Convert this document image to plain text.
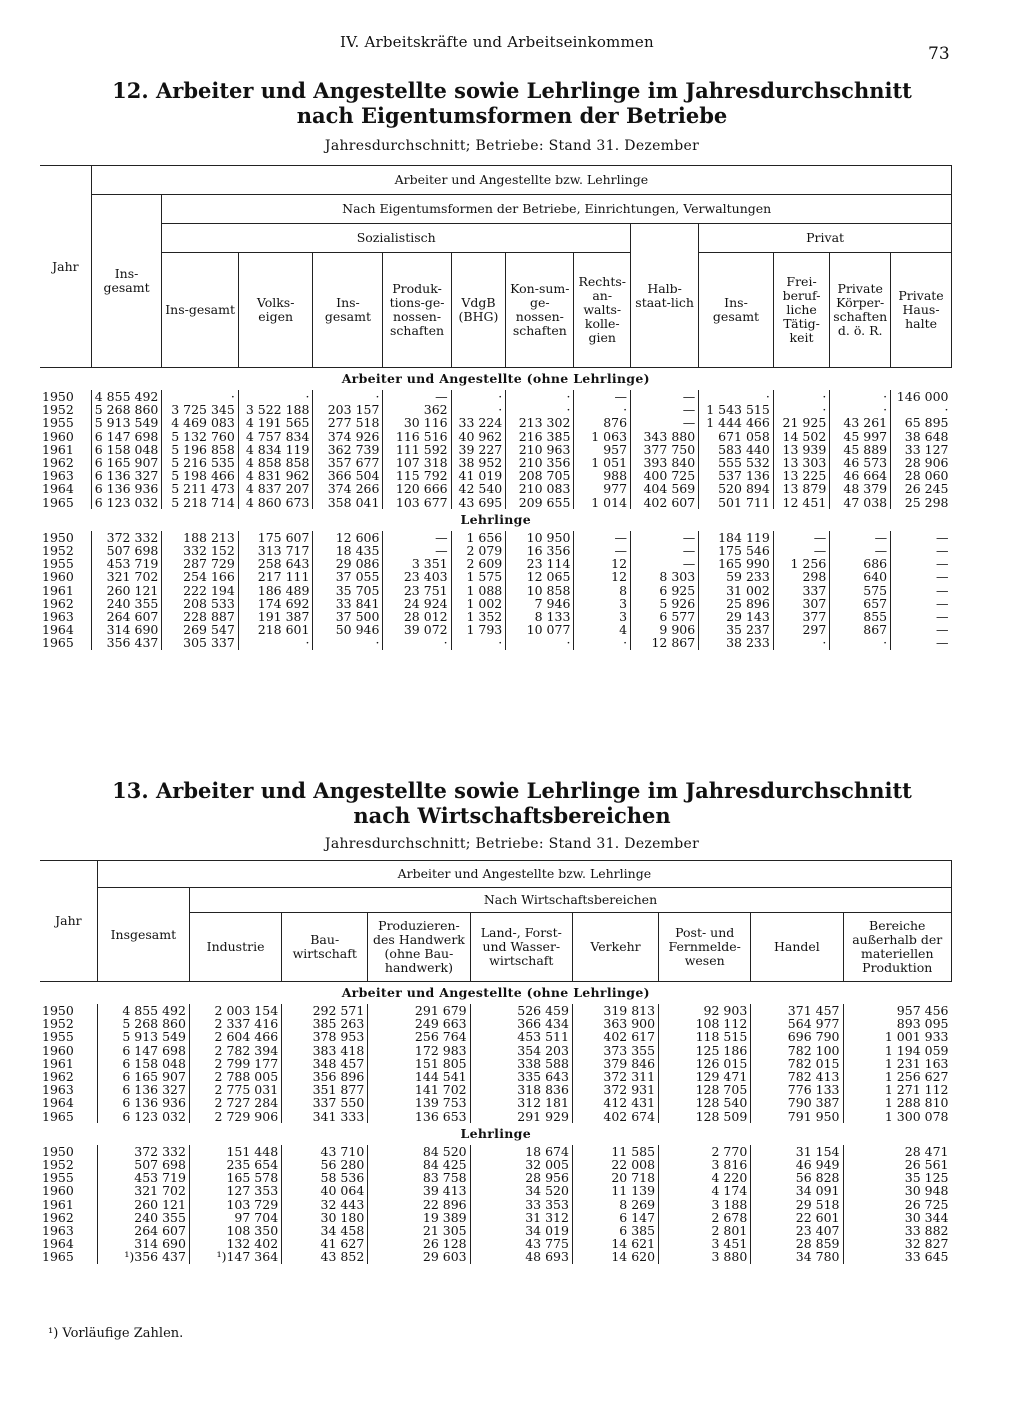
IV. Arbeitskräfte und Arbeitseinkommen
73
12. Arbeiter und Angestellte sowie Lehrlinge im Jahresdurchschnitt
nach Eigentumsformen der Betriebe
Jahresdurchschnitt; Betriebe: Stand 31. Dezember
Jahr	Arbeiter und Angestellte bzw. Lehrlinge												
	Ins-gesamt	Nach Eigentumsformen der Betriebe, Einrichtungen, Verwaltungen											
		Sozialistisch							Halb-staat-lich	Privat			
		Ins-gesamt	Volks-eigen	Ins-gesamt	Produk-tions-ge-nossen-schaften	VdgB (BHG)	Kon-sum-ge-nossen-schaften	Rechts-an-walts-kolle-gien		Ins-gesamt	Frei-beruf-liche Tätig-keit	Private Körper-schaften d. ö. R.	Private Haus-halte
Arbeiter und Angestellte (ohne Lehrlinge)													
1950	4 855 492	·	·	·	—	·	·	—	—	·	·	·	146 000
1952	5 268 860	3 725 345	3 522 188	203 157	362	·	·	·	—	1 543 515	·	·	·
1955	5 913 549	4 469 083	4 191 565	277 518	30 116	33 224	213 302	876	—	1 444 466	21 925	43 261	65 895
1960	6 147 698	5 132 760	4 757 834	374 926	116 516	40 962	216 385	1 063	343 880	671 058	14 502	45 997	38 648
1961	6 158 048	5 196 858	4 834 119	362 739	111 592	39 227	210 963	957	377 750	583 440	13 939	45 889	33 127
1962	6 165 907	5 216 535	4 858 858	357 677	107 318	38 952	210 356	1 051	393 840	555 532	13 303	46 573	28 906
1963	6 136 327	5 198 466	4 831 962	366 504	115 792	41 019	208 705	988	400 725	537 136	13 225	46 664	28 060
1964	6 136 936	5 211 473	4 837 207	374 266	120 666	42 540	210 083	977	404 569	520 894	13 879	48 379	26 245
1965	6 123 032	5 218 714	4 860 673	358 041	103 677	43 695	209 655	1 014	402 607	501 711	12 451	47 038	25 298
Lehrlinge													
1950	372 332	188 213	175 607	12 606	—	1 656	10 950	—	—	184 119	—	—	—
1952	507 698	332 152	313 717	18 435	—	2 079	16 356	—	—	175 546	—	—	—
1955	453 719	287 729	258 643	29 086	3 351	2 609	23 114	12	—	165 990	1 256	686	—
1960	321 702	254 166	217 111	37 055	23 403	1 575	12 065	12	8 303	59 233	298	640	—
1961	260 121	222 194	186 489	35 705	23 751	1 088	10 858	8	6 925	31 002	337	575	—
1962	240 355	208 533	174 692	33 841	24 924	1 002	7 946	3	5 926	25 896	307	657	—
1963	264 607	228 887	191 387	37 500	28 012	1 352	8 133	3	6 577	29 143	377	855	—
1964	314 690	269 547	218 601	50 946	39 072	1 793	10 077	4	9 906	35 237	297	867	—
1965	356 437	305 337	·	·	·	·	·	·	12 867	38 233	·	·	—
13. Arbeiter und Angestellte sowie Lehrlinge im Jahresdurchschnitt
nach Wirtschaftsbereichen
Jahresdurchschnitt; Betriebe: Stand 31. Dezember
Jahr	Arbeiter und Angestellte bzw. Lehrlinge								
	Insgesamt	Nach Wirtschaftsbereichen							
		Industrie	Bau-wirtschaft	Produzieren-des Handwerk (ohne Bau-handwerk)	Land-, Forst- und Wasser-wirtschaft	Verkehr	Post- und Fernmelde-wesen	Handel	Bereiche außerhalb der materiellen Produktion
Arbeiter und Angestellte (ohne Lehrlinge)									
1950	4 855 492	2 003 154	292 571	291 679	526 459	319 813	92 903	371 457	957 456
1952	5 268 860	2 337 416	385 263	249 663	366 434	363 900	108 112	564 977	893 095
1955	5 913 549	2 604 466	378 953	256 764	453 511	402 617	118 515	696 790	1 001 933
1960	6 147 698	2 782 394	383 418	172 983	354 203	373 355	125 186	782 100	1 194 059
1961	6 158 048	2 799 177	348 457	151 805	338 588	379 846	126 015	782 015	1 231 163
1962	6 165 907	2 788 005	356 896	144 541	335 643	372 311	129 471	782 413	1 256 627
1963	6 136 327	2 775 031	351 877	141 702	318 836	372 931	128 705	776 133	1 271 112
1964	6 136 936	2 727 284	337 550	139 753	312 181	412 431	128 540	790 387	1 288 810
1965	6 123 032	2 729 906	341 333	136 653	291 929	402 674	128 509	791 950	1 300 078
Lehrlinge									
1950	372 332	151 448	43 710	84 520	18 674	11 585	2 770	31 154	28 471
1952	507 698	235 654	56 280	84 425	32 005	22 008	3 816	46 949	26 561
1955	453 719	165 578	58 536	83 758	28 956	20 718	4 220	56 828	35 125
1960	321 702	127 353	40 064	39 413	34 520	11 139	4 174	34 091	30 948
1961	260 121	103 729	32 443	22 896	33 353	8 269	3 188	29 518	26 725
1962	240 355	97 704	30 180	19 389	31 312	6 147	2 678	22 601	30 344
1963	264 607	108 350	34 458	21 305	34 019	6 385	2 801	23 407	33 882
1964	314 690	132 402	41 627	26 128	43 775	14 621	3 451	28 859	32 827
1965	¹)356 437	¹)147 364	43 852	29 603	48 693	14 620	3 880	34 780	33 645
¹) Vorläufige Zahlen.
